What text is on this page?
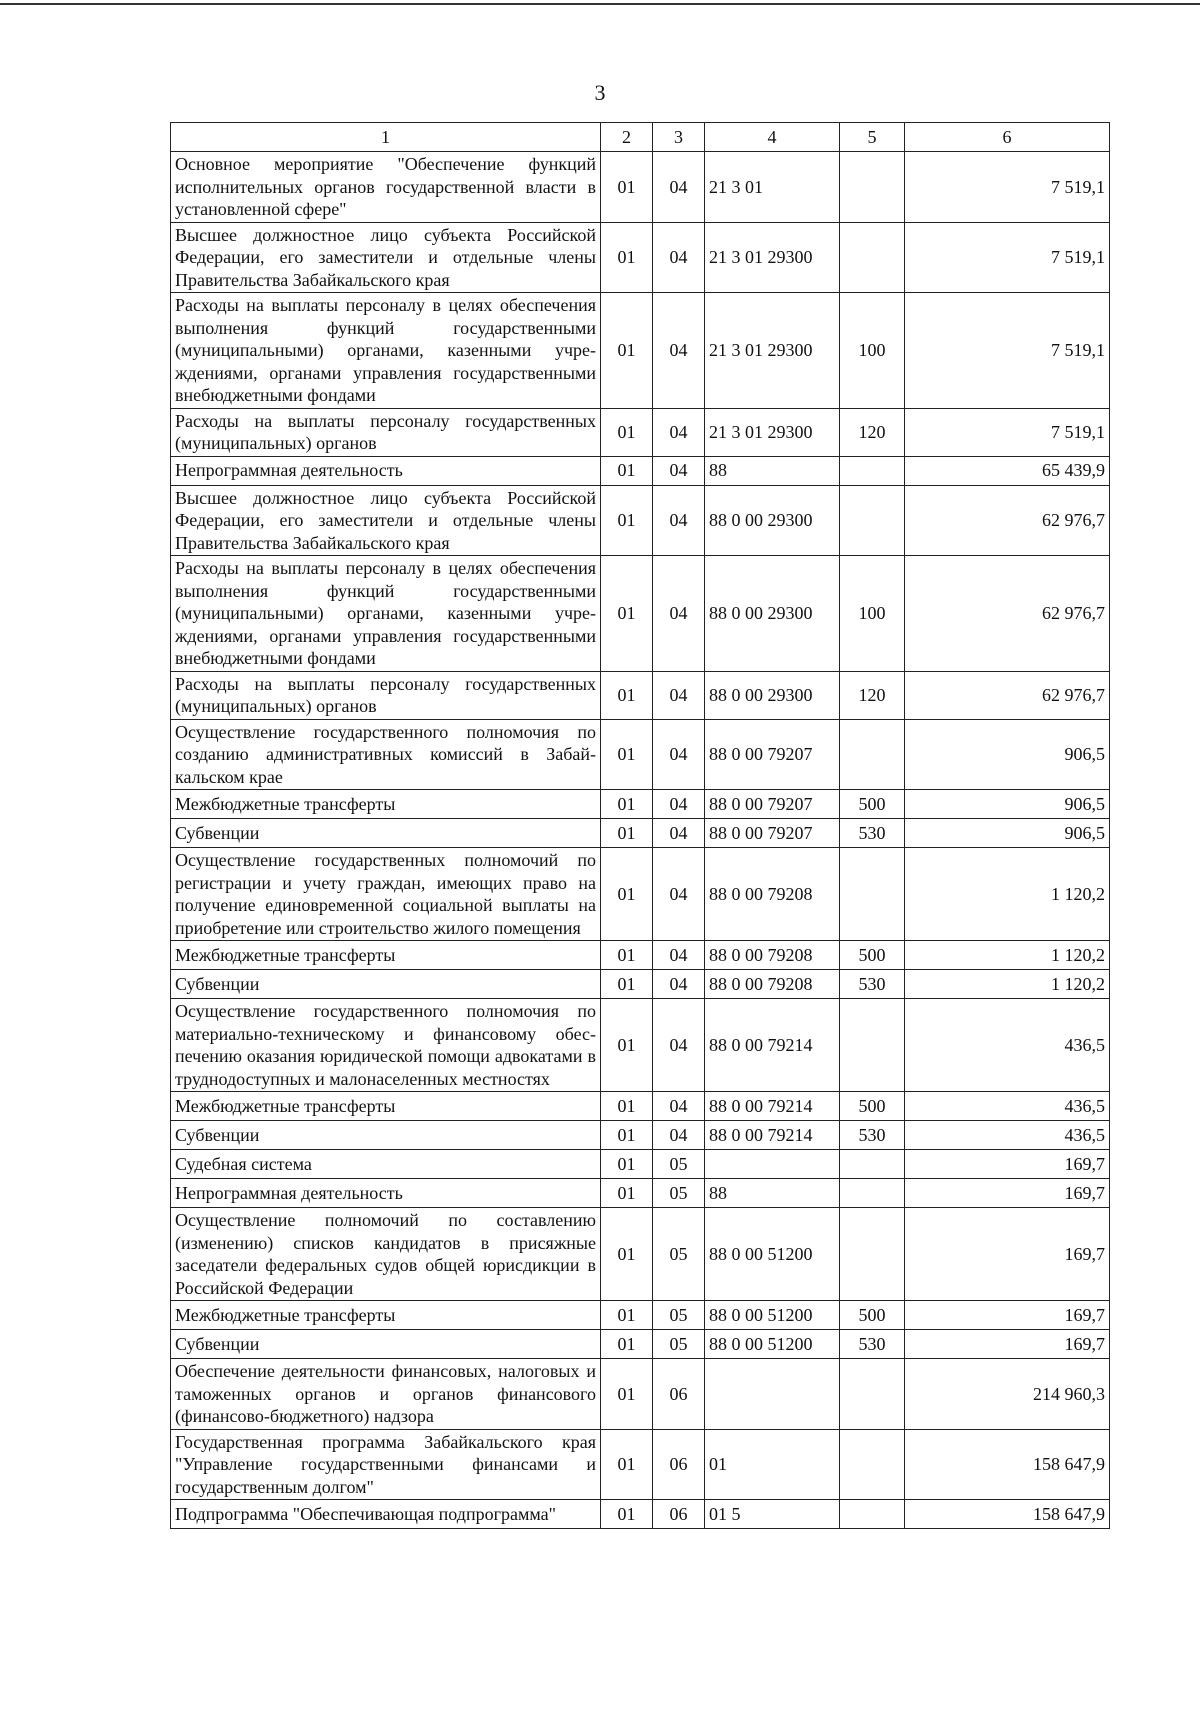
3
1	2	3	4	5	6
Основное мероприятие "Обеспечение функций исполнительных органов государственной власти в установленной сфере"	01	04	21 3 01		7 519,1
Высшее должностное лицо субъекта Российской Федерации, его заместители и отдельные члены Правительства Забайкальского края	01	04	21 3 01 29300		7 519,1
Расходы на выплаты персоналу в целях обеспечения выполнения функций государственными (муниципальными) органами, казенными учреждениями, органами управления государственными внебюджетными фондами	01	04	21 3 01 29300	100	7 519,1
Расходы на выплаты персоналу государственных (муниципальных) органов	01	04	21 3 01 29300	120	7 519,1
Непрограммная деятельность	01	04	88		65 439,9
Высшее должностное лицо субъекта Российской Федерации, его заместители и отдельные члены Правительства Забайкальского края	01	04	88 0 00 29300		62 976,7
Расходы на выплаты персоналу в целях обеспечения выполнения функций государственными (муниципальными) органами, казенными учреждениями, органами управления государственными внебюджетными фондами	01	04	88 0 00 29300	100	62 976,7
Расходы на выплаты персоналу государственных (муниципальных) органов	01	04	88 0 00 29300	120	62 976,7
Осуществление государственного полномочия по созданию административных комиссий в Забайкальском крае	01	04	88 0 00 79207		906,5
Межбюджетные трансферты	01	04	88 0 00 79207	500	906,5
Субвенции	01	04	88 0 00 79207	530	906,5
Осуществление государственных полномочий по регистрации и учету граждан, имеющих право на получение единовременной социальной выплаты на приобретение или строительство жилого помещения	01	04	88 0 00 79208		1 120,2
Межбюджетные трансферты	01	04	88 0 00 79208	500	1 120,2
Субвенции	01	04	88 0 00 79208	530	1 120,2
Осуществление государственного полномочия по материально-техническому и финансовому обеспечению оказания юридической помощи адвокатами в труднодоступных и малонаселенных местностях	01	04	88 0 00 79214		436,5
Межбюджетные трансферты	01	04	88 0 00 79214	500	436,5
Субвенции	01	04	88 0 00 79214	530	436,5
Судебная система	01	05			169,7
Непрограммная деятельность	01	05	88		169,7
Осуществление полномочий по составлению (изменению) списков кандидатов в присяжные заседатели федеральных судов общей юрисдикции в Российской Федерации	01	05	88 0 00 51200		169,7
Межбюджетные трансферты	01	05	88 0 00 51200	500	169,7
Субвенции	01	05	88 0 00 51200	530	169,7
Обеспечение деятельности финансовых, налоговых и таможенных органов и органов финансового (финансово-бюджетного) надзора	01	06			214 960,3
Государственная программа Забайкальского края "Управление государственными финансами и государственным долгом"	01	06	01		158 647,9
Подпрограмма "Обеспечивающая подпрограмма"	01	06	01 5		158 647,9
